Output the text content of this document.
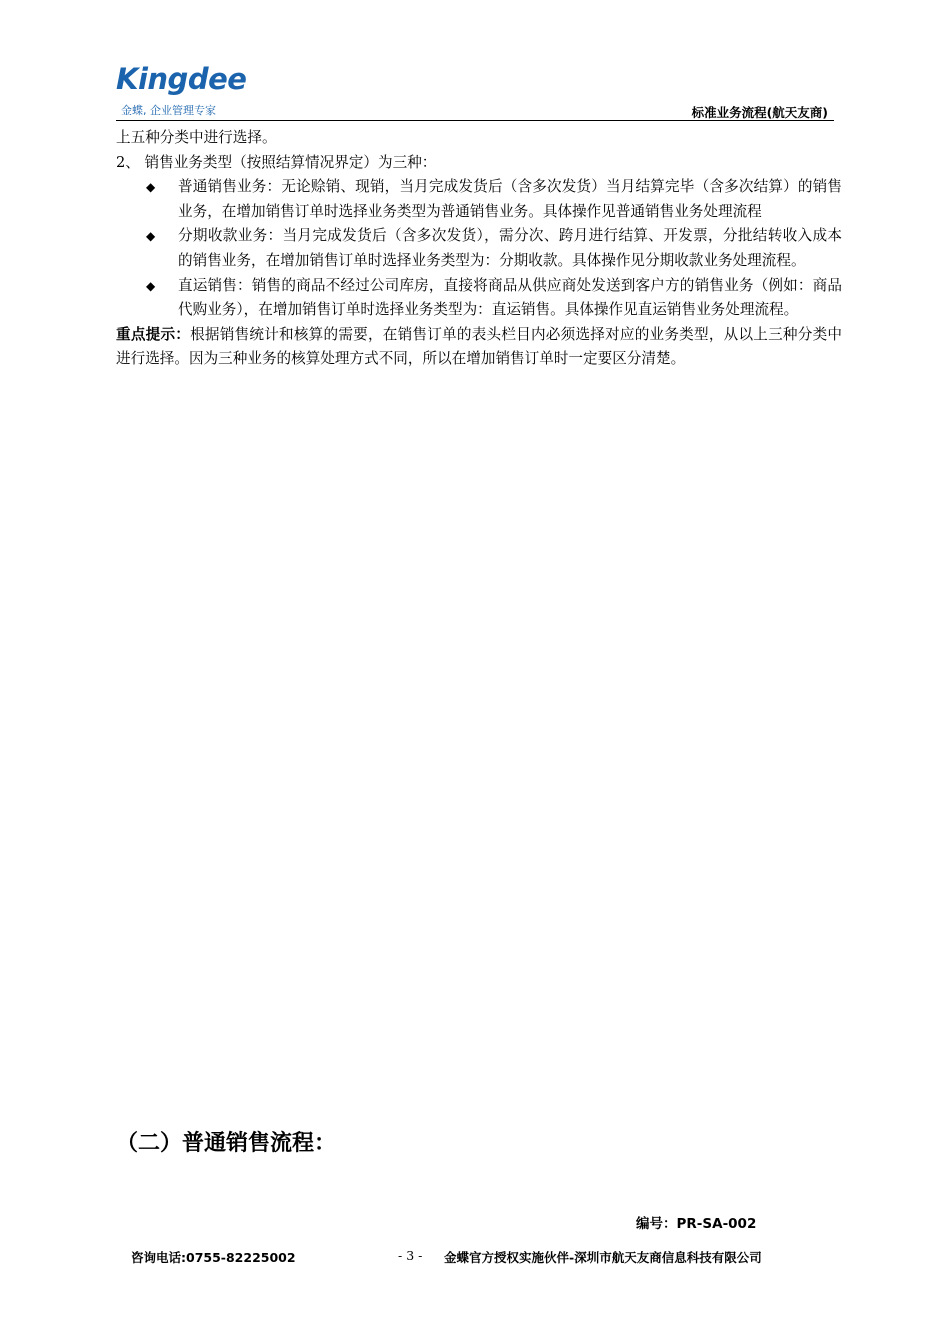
Kingdee
金蝶, 企业管理专家	标准业务流程(航天友商)

上五种分类中进行选择。

2、 销售业务类型（按照结算情况界定）为三种：

◆	普通销售业务：无论赊销、现销，当月完成发货后（含多次发货）当月结算完毕（含多次结算）的销售业务，在增加销售订单时选择业务类型为普通销售业务。具体操作见普通销售业务处理流程
◆	分期收款业务：当月完成发货后（含多次发货），需分次、跨月进行结算、开发票，分批结转收入成本的销售业务，在增加销售订单时选择业务类型为：分期收款。具体操作见分期收款业务处理流程。
◆	直运销售：销售的商品不经过公司库房，直接将商品从供应商处发送到客户方的销售业务（例如：商品代购业务），在增加销售订单时选择业务类型为：直运销售。具体操作见直运销售业务处理流程。

重点提示：根据销售统计和核算的需要，在销售订单的表头栏目内必须选择对应的业务类型，从以上三种分类中进行选择。因为三种业务的核算处理方式不同，所以在增加销售订单时一定要区分清楚。

（二）普通销售流程：
编号：PR-SA-002
咨询电话:0755-82225002	- 3 - 金蝶官方授权实施伙伴-深圳市航天友商信息科技有限公司
